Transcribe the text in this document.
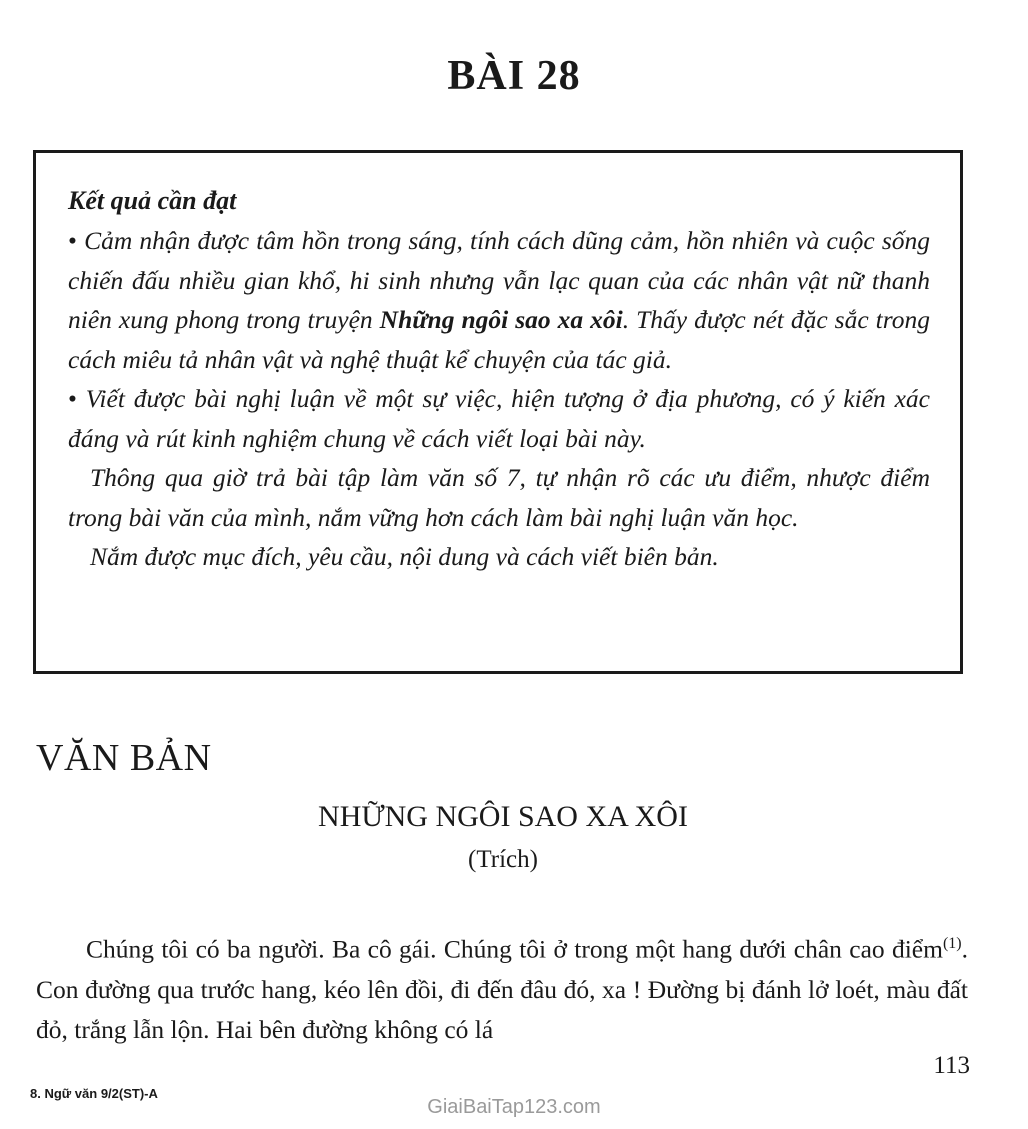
BÀI 28
Kết quả cần đạt

• Cảm nhận được tâm hồn trong sáng, tính cách dũng cảm, hồn nhiên và cuộc sống chiến đấu nhiều gian khổ, hi sinh nhưng vẫn lạc quan của các nhân vật nữ thanh niên xung phong trong truyện Những ngôi sao xa xôi. Thấy được nét đặc sắc trong cách miêu tả nhân vật và nghệ thuật kể chuyện của tác giả.

• Viết được bài nghị luận về một sự việc, hiện tượng ở địa phương, có ý kiến xác đáng và rút kinh nghiệm chung về cách viết loại bài này.

Thông qua giờ trả bài tập làm văn số 7, tự nhận rõ các ưu điểm, nhược điểm trong bài văn của mình, nắm vững hơn cách làm bài nghị luận văn học.

Nắm được mục đích, yêu cầu, nội dung và cách viết biên bản.

VĂN BẢN
NHỮNG NGÔI SAO XA XÔI
(Trích)

Chúng tôi có ba người. Ba cô gái. Chúng tôi ở trong một hang dưới chân cao điểm$^{(1)}$. Con đường qua trước hang, kéo lên đồi, đi đến đâu đó, xa ! Đường bị đánh lở loét, màu đất đỏ, trắng lẫn lộn. Hai bên đường không có lá

113
8. Ngữ văn 9/2(ST)-A
GiaiBaiTap123.com
